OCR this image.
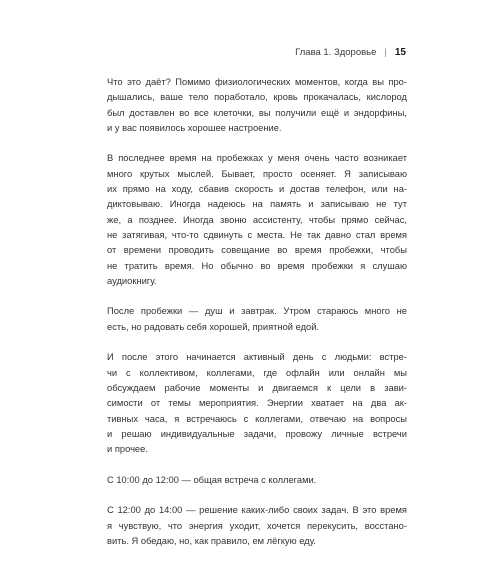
Глава 1. Здоровье | 15

Что это даёт? Помимо физиологических моментов, когда вы про-
дышались, ваше тело поработало, кровь прокачалась, кислород
был доставлен во все клеточки, вы получили ещё и эндорфины,
и у вас появилось хорошее настроение.

В последнее время на пробежках у меня очень часто возникает
много крутых мыслей. Бывает, просто осеняет. Я записываю
их прямо на ходу, сбавив скорость и достав телефон, или на-
диктовываю. Иногда надеюсь на память и записываю не тут
же, а позднее. Иногда звоню ассистенту, чтобы прямо сейчас,
не затягивая, что-то сдвинуть с места. Не так давно стал время
от времени проводить совещание во время пробежки, чтобы
не тратить время. Но обычно во время пробежки я слушаю
аудиокнигу.

После пробежки — душ и завтрак. Утром стараюсь много не
есть, но радовать себя хорошей, приятной едой.

И после этого начинается активный день с людьми: встре-
чи с коллективом, коллегами, где офлайн или онлайн мы
обсуждаем рабочие моменты и двигаемся к цели в зави-
симости от темы мероприятия. Энергии хватает на два ак-
тивных часа, я встречаюсь с коллегами, отвечаю на вопросы
и решаю индивидуальные задачи, провожу личные встречи
и прочее.

С 10:00 до 12:00 — общая встреча с коллегами.

С 12:00 до 14:00 — решение каких-либо своих задач. В это время
я чувствую, что энергия уходит, хочется перекусить, восстано-
вить. Я обедаю, но, как правило, ем лёгкую еду.
